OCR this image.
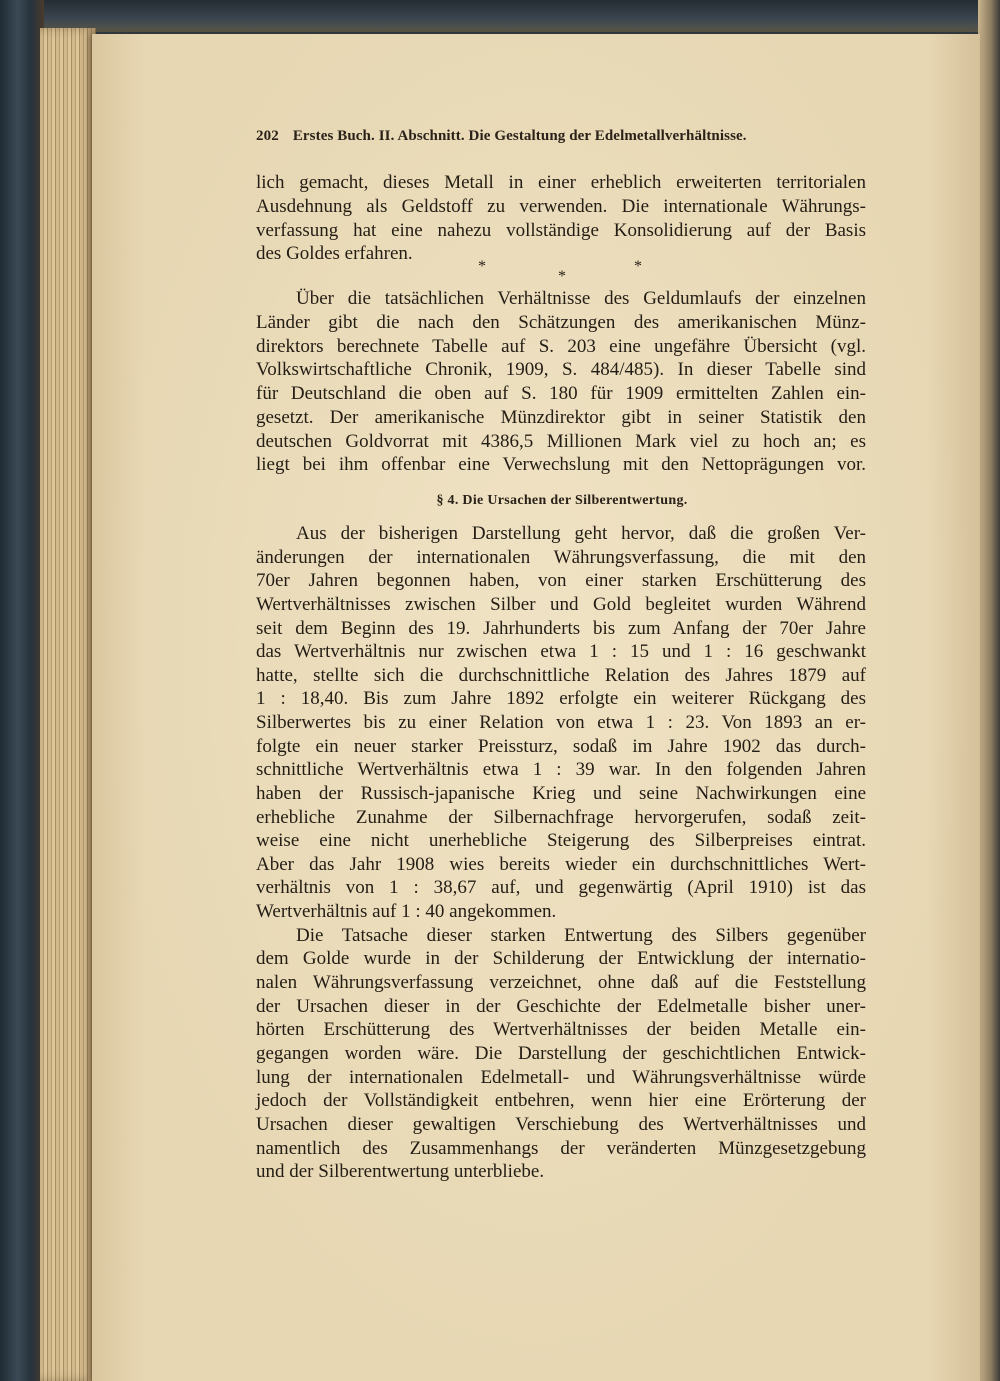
202 Erstes Buch. II. Abschnitt. Die Gestaltung der Edelmetallverhältnisse.
lich gemacht, dieses Metall in einer erheblich erweiterten territorialen
Ausdehnung als Geldstoff zu verwenden. Die internationale Währungs-
verfassung hat eine nahezu vollständige Konsolidierung auf der Basis
des Goldes erfahren.
*
*
*
Über die tatsächlichen Verhältnisse des Geldumlaufs der einzelnen
Länder gibt die nach den Schätzungen des amerikanischen Münz-
direktors berechnete Tabelle auf S. 203 eine ungefähre Übersicht (vgl.
Volkswirtschaftliche Chronik, 1909, S. 484/485). In dieser Tabelle sind
für Deutschland die oben auf S. 180 für 1909 ermittelten Zahlen ein-
gesetzt. Der amerikanische Münzdirektor gibt in seiner Statistik den
deutschen Goldvorrat mit 4386,5 Millionen Mark viel zu hoch an; es
liegt bei ihm offenbar eine Verwechslung mit den Nettoprägungen vor.
§ 4. Die Ursachen der Silberentwertung.
Aus der bisherigen Darstellung geht hervor, daß die großen Ver-
änderungen der internationalen Währungsverfassung, die mit den
70er Jahren begonnen haben, von einer starken Erschütterung des
Wertverhältnisses zwischen Silber und Gold begleitet wurden Während
seit dem Beginn des 19. Jahrhunderts bis zum Anfang der 70er Jahre
das Wertverhältnis nur zwischen etwa 1 : 15 und 1 : 16 geschwankt
hatte, stellte sich die durchschnittliche Relation des Jahres 1879 auf
1 : 18,40. Bis zum Jahre 1892 erfolgte ein weiterer Rückgang des
Silberwertes bis zu einer Relation von etwa 1 : 23. Von 1893 an er-
folgte ein neuer starker Preissturz, sodaß im Jahre 1902 das durch-
schnittliche Wertverhältnis etwa 1 : 39 war. In den folgenden Jahren
haben der Russisch-japanische Krieg und seine Nachwirkungen eine
erhebliche Zunahme der Silbernachfrage hervorgerufen, sodaß zeit-
weise eine nicht unerhebliche Steigerung des Silberpreises eintrat.
Aber das Jahr 1908 wies bereits wieder ein durchschnittliches Wert-
verhältnis von 1 : 38,67 auf, und gegenwärtig (April 1910) ist das
Wertverhältnis auf 1 : 40 angekommen.
Die Tatsache dieser starken Entwertung des Silbers gegenüber
dem Golde wurde in der Schilderung der Entwicklung der internatio-
nalen Währungsverfassung verzeichnet, ohne daß auf die Feststellung
der Ursachen dieser in der Geschichte der Edelmetalle bisher uner-
hörten Erschütterung des Wertverhältnisses der beiden Metalle ein-
gegangen worden wäre. Die Darstellung der geschichtlichen Entwick-
lung der internationalen Edelmetall- und Währungsverhältnisse würde
jedoch der Vollständigkeit entbehren, wenn hier eine Erörterung der
Ursachen dieser gewaltigen Verschiebung des Wertverhältnisses und
namentlich des Zusammenhangs der veränderten Münzgesetzgebung
und der Silberentwertung unterbliebe.
